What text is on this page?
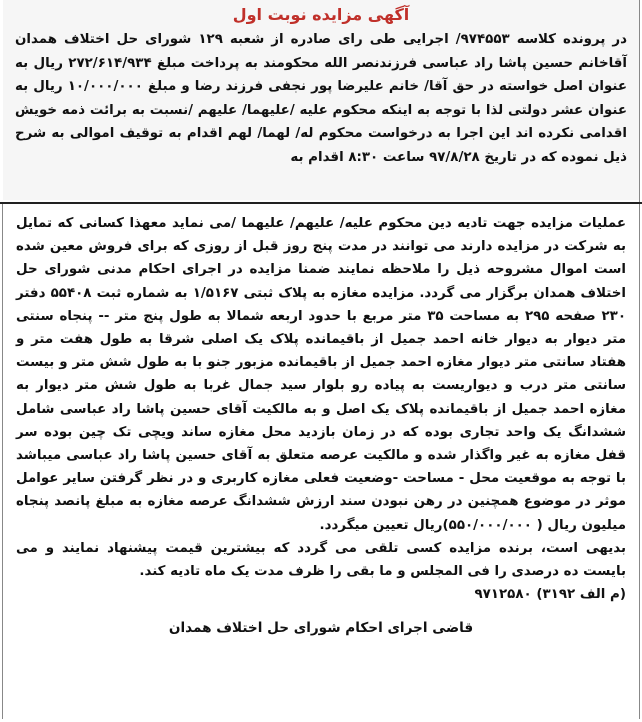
آگهی مزایده نوبت اول

در پرونده کلاسه ۹۷۴۵۵۳/ اجرایی طی رای صادره از شعبه ۱۲۹ شورای حل اختلاف همدان آقاخانم حسین پاشا راد عباسی فرزندنصر الله محکومند به پرداخت مبلغ ۲۷۲/۶۱۴/۹۳۴ ریال به عنوان اصل خواسته در حق آقا/ خانم علیرضا پور نجفی فرزند رضا و مبلغ ۱۰/۰۰۰/۰۰۰ ریال به عنوان عشر دولتی لذا با توجه به اینکه محکوم علیه /علیهما/ علیهم /نسبت به برائت ذمه خویش اقدامی نکرده اند این اجرا به درخواست محکوم له/ لهما/ لهم اقدام به توقیف اموالی به شرح ذیل نموده که در تاریخ ۹۷/۸/۲۸ ساعت ۸:۳۰ اقدام به

عملیات مزایده جهت تادیه دین محکوم علیه/ علیهم/ علیهما /می نماید معهذا کسانی که تمایل به شرکت در مزایده دارند می توانند در مدت پنج روز قبل از روزی که برای فروش معین شده است اموال مشروحه ذیل را ملاحظه نمایند ضمنا مزایده در اجرای احکام مدنی شورای حل اختلاف همدان برگزار می گردد. مزایده مغازه به پلاک ثبتی ۱/۵۱۶۷ به شماره ثبت ۵۵۴۰۸ دفتر ۲۳۰ صفحه ۲۹۵ به مساحت ۳۵ متر مربع با حدود اربعه شمالا به طول پنج متر -- پنجاه سنتی متر دیوار به دیوار خانه احمد جمیل از باقیمانده پلاک یک اصلی شرقا به طول هفت متر و هفتاد سانتی متر دیوار مغازه احمد جمیل از باقیمانده مزبور جنو با به طول شش متر و بیست سانتی متر درب و دیواریست به پیاده رو بلوار سید جمال غربا به طول شش متر دیوار به مغازه احمد جمیل از باقیمانده پلاک یک اصل و به مالکیت آقای حسین پاشا راد عباسی شامل ششدانگ یک واحد تجاری بوده که در زمان بازدید محل مغازه ساند ویچی تک چین بوده سر قفل مغازه به غیر واگذار شده و مالکیت عرصه متعلق به آقای حسین پاشا راد عباسی میباشد با توجه به موقعیت محل - مساحت -وضعیت فعلی مغازه کاربری و در نظر گرفتن سایر عوامل موثر در موضوع همچنین در رهن نبودن سند ارزش ششدانگ عرصه مغازه به مبلغ پانصد پنجاه میلیون ریال ( ۵۵۰/۰۰۰/۰۰۰)ریال تعیین میگردد.

بدیهی است، برنده مزایده کسی تلقی می گردد که بیشترین قیمت پیشنهاد نمایند و می بایست ده درصدی را فی المجلس و ما بقی را ظرف مدت یک ماه تادیه کند.

(م الف ۳۱۹۲) ۹۷۱۲۵۸۰

قاضی اجرای احکام شورای حل اختلاف همدان
